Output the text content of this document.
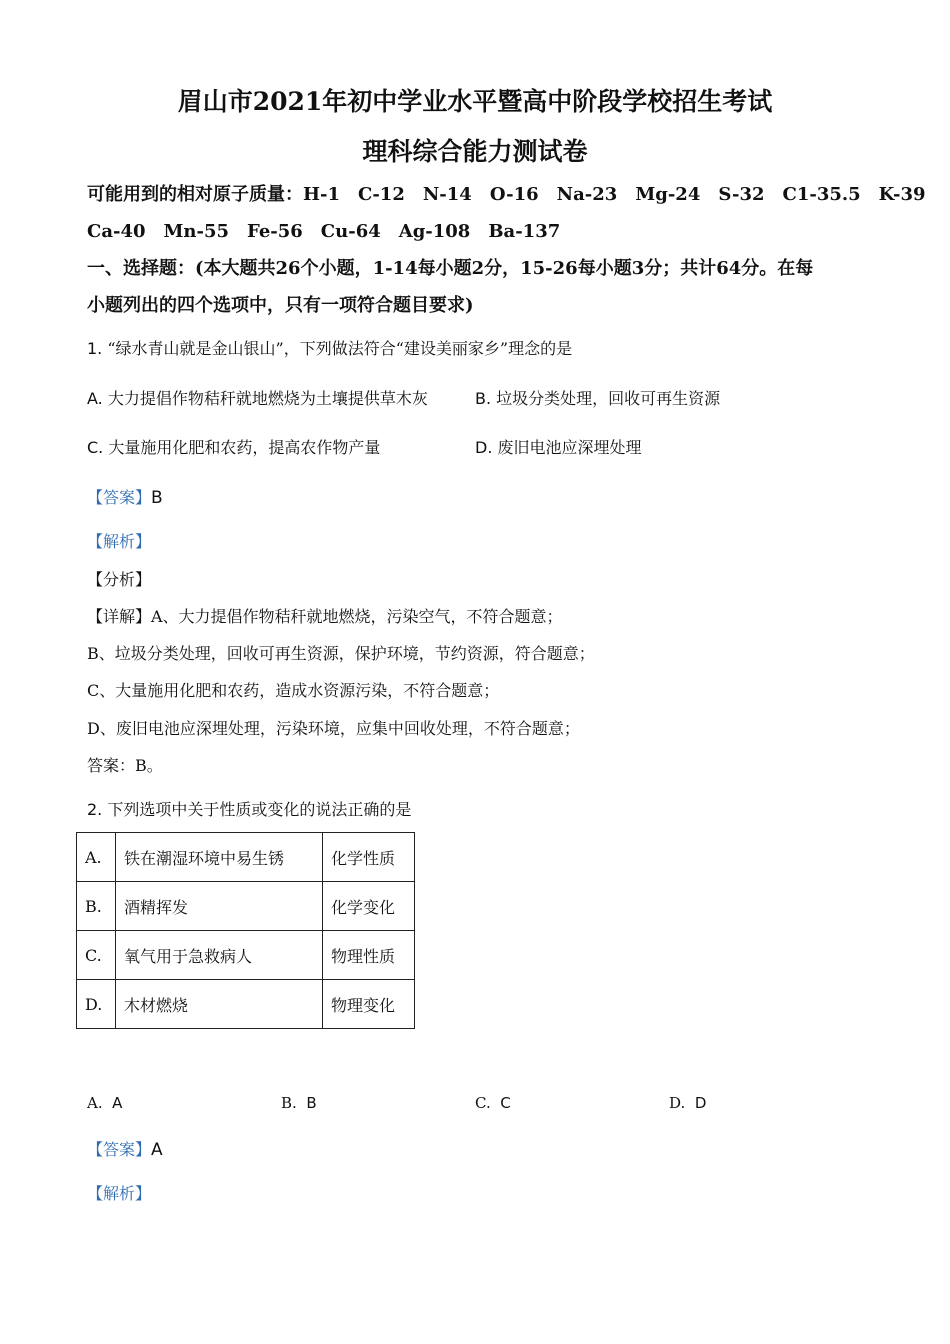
眉山市2021年初中学业水平暨高中阶段学校招生考试
理科综合能力测试卷
可能用到的相对原子质量：H-1　C-12　N-14　O-16　Na-23　Mg-24　S-32　C1-35.5　K-39
Ca-40　Mn-55　Fe-56　Cu-64　Ag-108　Ba-137
一、选择题：(本大题共26个小题，1-14每小题2分，15-26每小题3分；共计64分。在每
小题列出的四个选项中，只有一项符合题目要求)
1. “绿水青山就是金山银山”，下列做法符合“建设美丽家乡”理念的是
A. 大力提倡作物秸秆就地燃烧为土壤提供草木灰	B. 垃圾分类处理，回收可再生资源
C. 大量施用化肥和农药，提高农作物产量	D. 废旧电池应深埋处理
【答案】B
【解析】
【分析】
【详解】A、大力提倡作物秸秆就地燃烧，污染空气，不符合题意；
B、垃圾分类处理，回收可再生资源，保护环境，节约资源，符合题意；
C、大量施用化肥和农药，造成水资源污染，不符合题意；
D、废旧电池应深埋处理，污染环境，应集中回收处理，不符合题意；
答案：B。
2. 下列选项中关于性质或变化的说法正确的是
A.	铁在潮湿环境中易生锈	化学性质
B.	酒精挥发	化学变化
C.	氧气用于急救病人	物理性质
D.	木材燃烧	物理变化
A. A	B. B	C. C	D. D
【答案】A
【解析】
